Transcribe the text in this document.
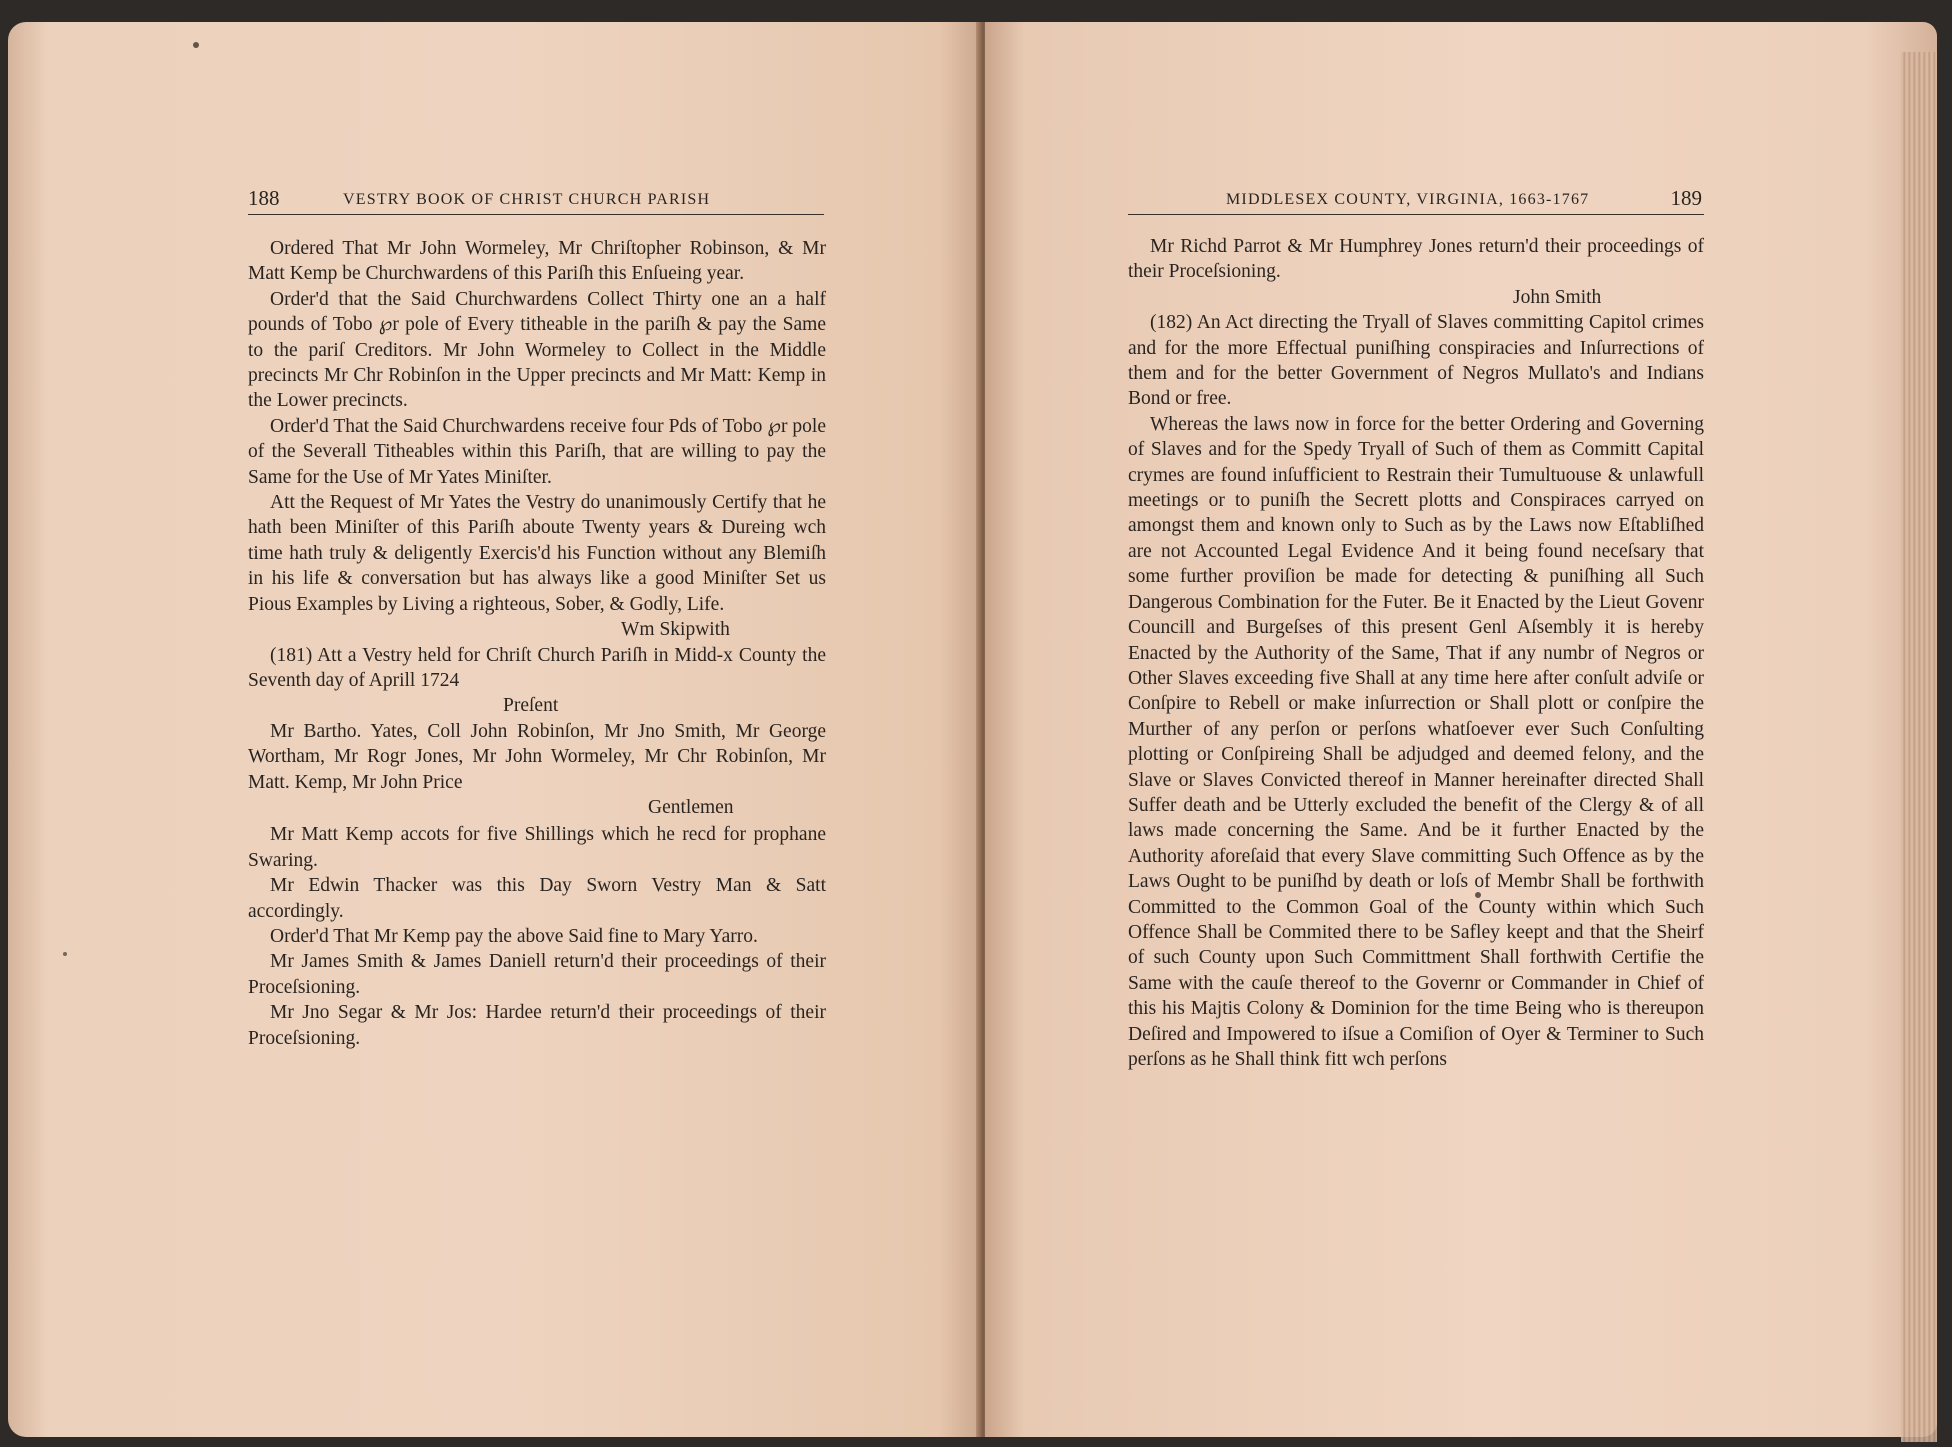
188	VESTRY BOOK OF CHRIST CHURCH PARISH	MIDDLESEX COUNTY, VIRGINIA, 1663-1767	189

Ordered That Mr John Wormeley, Mr Chriſtopher Robinson, & Mr Matt Kemp be Churchwardens of this Pariſh this Enſueing year.

Order'd that the Said Churchwardens Collect Thirty one an a half pounds of Tobo ℘r pole of Every titheable in the pariſh & pay the Same to the pariſ Creditors. Mr John Wormeley to Collect in the Middle precincts Mr Chr Robinſon in the Upper precincts and Mr Matt: Kemp in the Lower precincts.

Order'd That the Said Churchwardens receive four Pds of Tobo ℘r pole of the Severall Titheables within this Pariſh, that are willing to pay the Same for the Use of Mr Yates Miniſter.

Att the Request of Mr Yates the Vestry do unanimously Certify that he hath been Miniſter of this Pariſh aboute Twenty years & Dureing wch time hath truly & deligently Exercis'd his Function without any Blemiſh in his life & conversation but has always like a good Miniſter Set us Pious Examples by Living a righteous, Sober, & Godly, Life.

Wm Skipwith

(181) Att a Vestry held for Chriſt Church Pariſh in Midd-x County the Seventh day of Aprill 1724

Preſent

Mr Bartho. Yates, Coll John Robinſon, Mr Jno Smith, Mr George Wortham, Mr Rogr Jones, Mr John Wormeley, Mr Chr Robinſon, Mr Matt. Kemp, Mr John Price

Gentlemen

Mr Matt Kemp accots for five Shillings which he recd for prophane Swaring.

Mr Edwin Thacker was this Day Sworn Vestry Man & Satt accordingly.

Order'd That Mr Kemp pay the above Said fine to Mary Yarro.

Mr James Smith & James Daniell return'd their proceedings of their Proceſsioning.

Mr Jno Segar & Mr Jos: Hardee return'd their proceedings of their Proceſsioning.

Mr Richd Parrot & Mr Humphrey Jones return'd their proceedings of their Proceſsioning.

John Smith

(182) An Act directing the Tryall of Slaves committing Capitol crimes and for the more Effectual puniſhing conspiracies and Inſurrections of them and for the better Government of Negros Mullato's and Indians Bond or free.

Whereas the laws now in force for the better Ordering and Governing of Slaves and for the Spedy Tryall of Such of them as Committ Capital crymes are found inſufficient to Restrain their Tumultuouse & unlawfull meetings or to puniſh the Secrett plotts and Conspiraces carryed on amongst them and known only to Such as by the Laws now Eſtabliſhed are not Accounted Legal Evidence And it being found neceſsary that some further proviſion be made for detecting & puniſhing all Such Dangerous Combination for the Futer. Be it Enacted by the Lieut Govenr Councill and Burgeſses of this present Genl Aſsembly it is hereby Enacted by the Authority of the Same, That if any numbr of Negros or Other Slaves exceeding five Shall at any time here after conſult adviſe or Conſpire to Rebell or make inſurrection or Shall plott or conſpire the Murther of any perſon or perſons whatſoever ever Such Conſulting plotting or Conſpireing Shall be adjudged and deemed felony, and the Slave or Slaves Convicted thereof in Manner hereinafter directed Shall Suffer death and be Utterly excluded the benefit of the Clergy & of all laws made concerning the Same. And be it further Enacted by the Authority aforeſaid that every Slave committing Such Offence as by the Laws Ought to be puniſhd by death or loſs of Membr Shall be forthwith Committed to the Common Goal of the County within which Such Offence Shall be Commited there to be Safley keept and that the Sheirf of such County upon Such Committment Shall forthwith Certifie the Same with the cauſe thereof to the Governr or Commander in Chief of this his Majtis Colony & Dominion for the time Being who is thereupon Deſired and Impowered to iſsue a Comiſion of Oyer & Terminer to Such perſons as he Shall think fitt wch perſons
